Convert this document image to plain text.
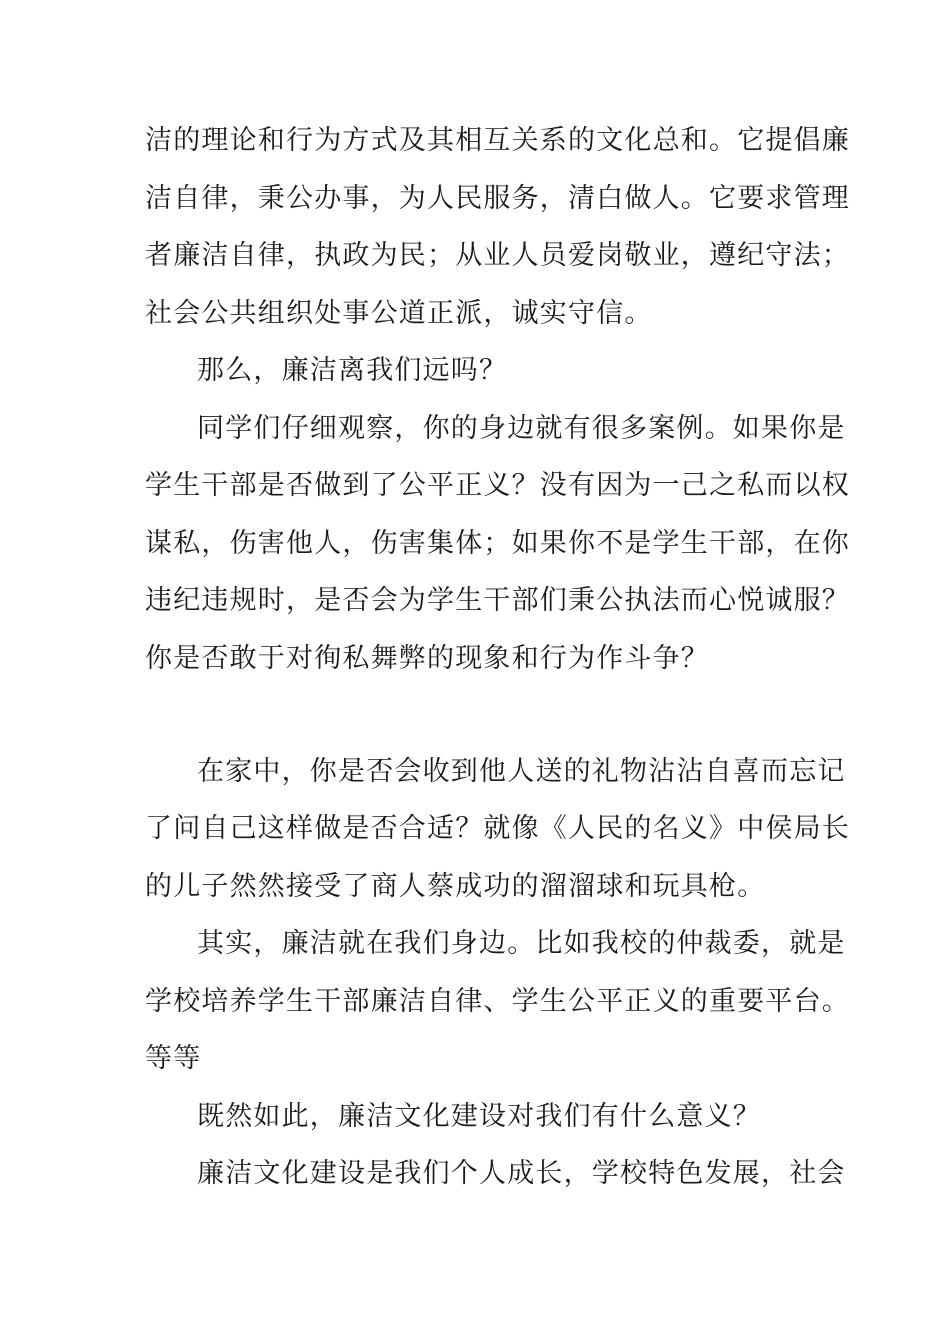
洁的理论和行为方式及其相互关系的文化总和。它提倡廉
洁自律，秉公办事，为人民服务，清白做人。它要求管理
者廉洁自律，执政为民；从业人员爱岗敬业，遵纪守法；
社会公共组织处事公道正派，诚实守信。
那么，廉洁离我们远吗？
同学们仔细观察，你的身边就有很多案例。如果你是
学生干部是否做到了公平正义？没有因为一己之私而以权
谋私，伤害他人，伤害集体；如果你不是学生干部，在你
违纪违规时，是否会为学生干部们秉公执法而心悦诚服？
你是否敢于对徇私舞弊的现象和行为作斗争？
在家中，你是否会收到他人送的礼物沾沾自喜而忘记
了问自己这样做是否合适？就像《人民的名义》中侯局长
的儿子然然接受了商人蔡成功的溜溜球和玩具枪。
其实，廉洁就在我们身边。比如我校的仲裁委，就是
学校培养学生干部廉洁自律、学生公平正义的重要平台。
等等
既然如此，廉洁文化建设对我们有什么意义？
廉洁文化建设是我们个人成长，学校特色发展，社会
